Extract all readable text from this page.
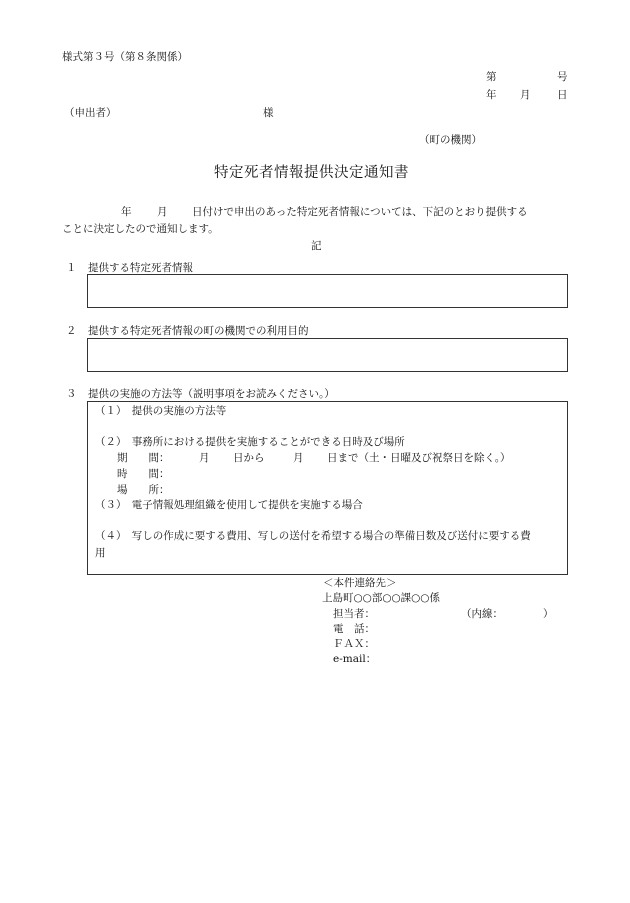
様式第３号（第８条関係）
第	号
年 月	日
（申出者）	様
（町の機関）
特定死者情報提供決定通知書
年 月 日付けで申出のあった特定死者情報については、下記のとおり提供する
ことに決定したので通知します。
記
１ 提供する特定死者情報
２ 提供する特定死者情報の町の機関での利用目的
３ 提供の実施の方法等（説明事項をお読みください。）
（１）　提供の実施の方法等
（２）　事務所における提供を実施することができる日時及び場所
期　　間：	月 日から	月 日まで（土・日曜及び祝祭日を除く。）
時　　間：
場　　所：
（３）　電子情報処理組織を使用して提供を実施する場合
（４）　写しの作成に要する費用、写しの送付を希望する場合の準備日数及び送付に要する費
用
＜本件連絡先＞
上島町○○部○○課○○係
担当者：	（内線：	）
電　話：
ＦＡＸ：
e-mail：
